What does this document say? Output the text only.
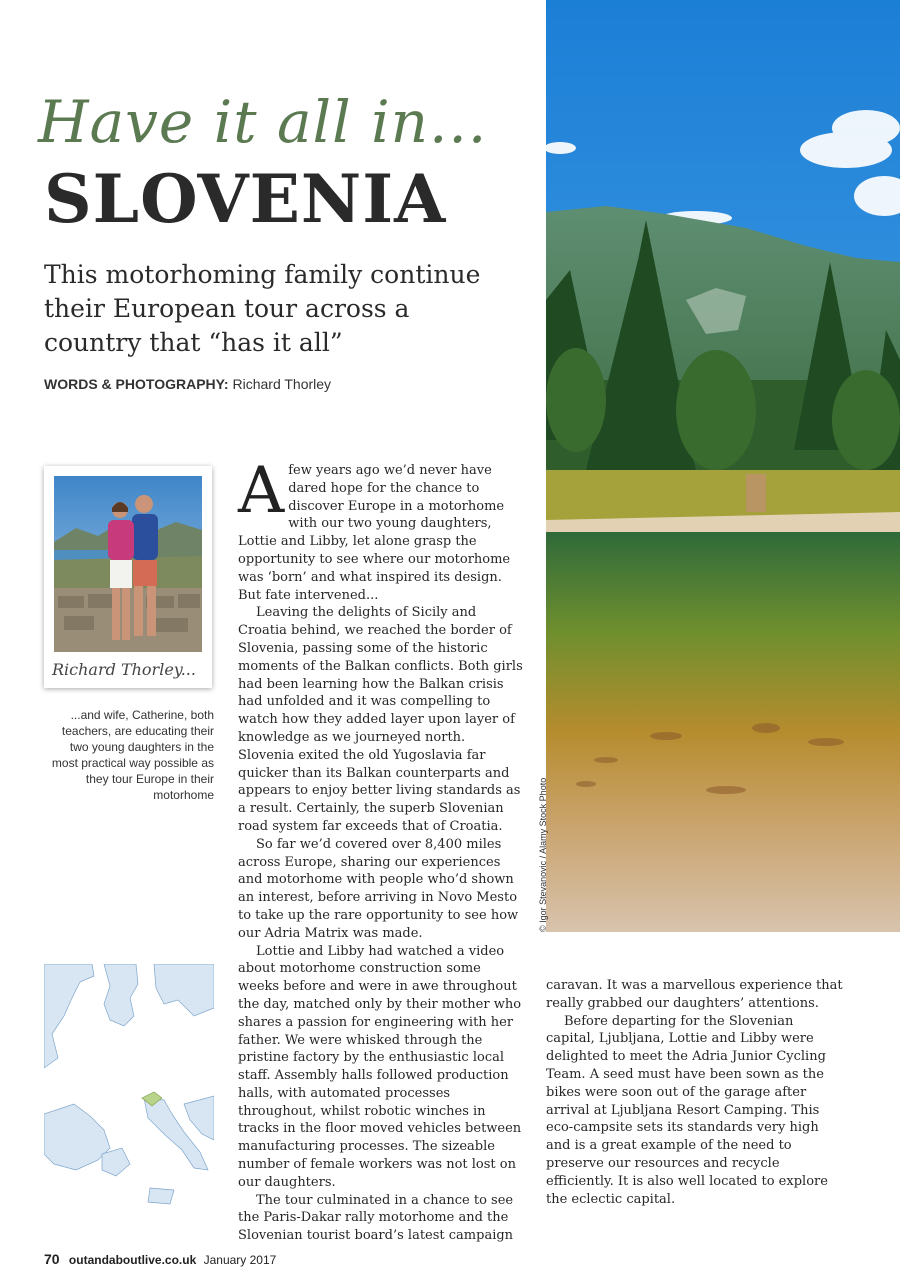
Have it all in...
SLOVENIA
This motorhoming family continue their European tour across a country that “has it all”
WORDS & PHOTOGRAPHY: Richard Thorley
Richard Thorley...
...and wife, Catherine, both teachers, are educating their two young daughters in the most practical way possible as they tour Europe in their motorhome

Afew years ago we’d never have dared hope for the chance to discover Europe in a motorhome with our two young daughters, Lottie and Libby, let alone grasp the opportunity to see where our motorhome was ‘born’ and what inspired its design. But fate intervened...

Leaving the delights of Sicily and Croatia behind, we reached the border of Slovenia, passing some of the historic moments of the Balkan conflicts. Both girls had been learning how the Balkan crisis had unfolded and it was compelling to watch how they added layer upon layer of knowledge as we journeyed north. Slovenia exited the old Yugoslavia far quicker than its Balkan counterparts and appears to enjoy better living standards as a result. Certainly, the superb Slovenian road system far exceeds that of Croatia.

So far we’d covered over 8,400 miles across Europe, sharing our experiences and motorhome with people who’d shown an interest, before arriving in Novo Mesto to take up the rare opportunity to see how our Adria Matrix was made.

Lottie and Libby had watched a video about motorhome construction some weeks before and were in awe throughout the day, matched only by their mother who shares a passion for engineering with her father. We were whisked through the pristine factory by the enthusiastic local staff. Assembly halls followed production halls, with automated processes throughout, whilst robotic winches in tracks in the floor moved vehicles between manufacturing processes. The sizeable number of female workers was not lost on our daughters.

The tour culminated in a chance to see the Paris-Dakar rally motorhome and the Slovenian tourist board’s latest campaign

© Igor Stevanovic / Alamy Stock Photo

caravan. It was a marvellous experience that really grabbed our daughters’ attentions.

Before departing for the Slovenian capital, Ljubljana, Lottie and Libby were delighted to meet the Adria Junior Cycling Team. A seed must have been sown as the bikes were soon out of the garage after arrival at Ljubljana Resort Camping. This eco-campsite sets its standards very high and is a great example of the need to preserve our resources and recycle efficiently. It is also well located to explore the eclectic capital.

70 outandaboutlive.co.uk January 2017
